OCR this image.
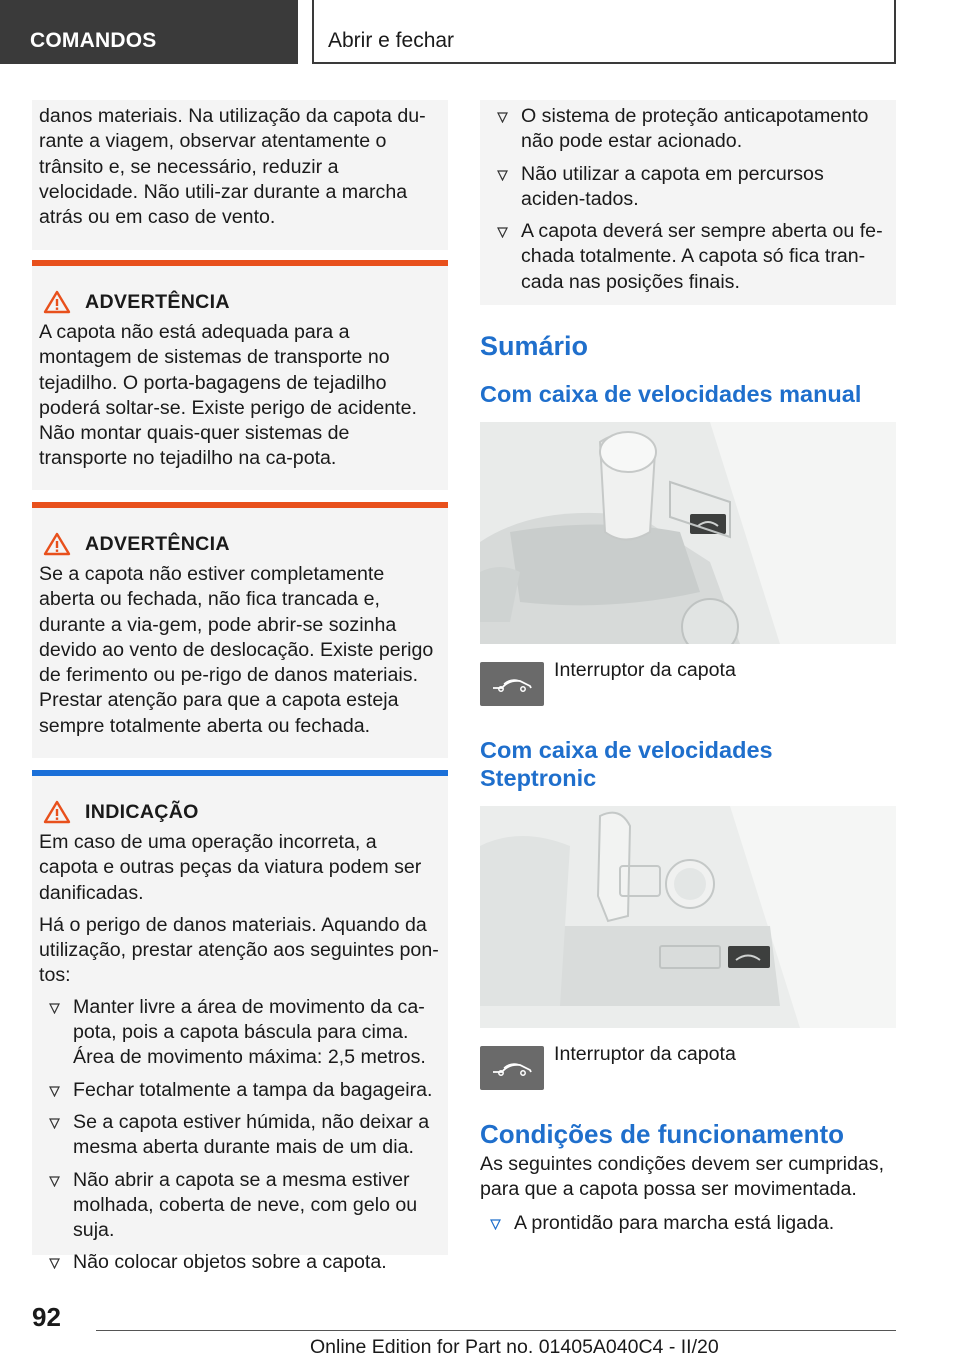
COMANDOS	Abrir e fechar

danos materiais. Na utilização da capota du‐rante a viagem, observar atentamente o trânsito e, se necessário, reduzir a velocidade. Não utili‐zar durante a marcha atrás ou em caso de vento.

ADVERTÊNCIA

A capota não está adequada para a montagem de sistemas de transporte no tejadilho. O porta-bagagens de tejadilho poderá soltar-se. Existe perigo de acidente. Não montar quais‐quer sistemas de transporte no tejadilho na ca‐pota.

ADVERTÊNCIA

Se a capota não estiver completamente aberta ou fechada, não fica trancada e, durante a via‐gem, pode abrir-se sozinha devido ao vento de deslocação. Existe perigo de ferimento ou pe‐rigo de danos materiais. Prestar atenção para que a capota esteja sempre totalmente aberta ou fechada.

INDICAÇÃO

Em caso de uma operação incorreta, a capota e outras peças da viatura podem ser danificadas.

Há o perigo de danos materiais. Aquando da utilização, prestar atenção aos seguintes pon‐tos:

Manter livre a área de movimento da ca‐pota, pois a capota báscula para cima. Área de movimento máxima: 2,5 metros.
Fechar totalmente a tampa da bagageira.
Se a capota estiver húmida, não deixar a mesma aberta durante mais de um dia.
Não abrir a capota se a mesma estiver molhada, coberta de neve, com gelo ou suja.
Não colocar objetos sobre a capota.
O sistema de proteção anticapotamento não pode estar acionado.
Não utilizar a capota em percursos aciden‐tados.
A capota deverá ser sempre aberta ou fe‐chada totalmente. A capota só fica tran‐cada nas posições finais.
Sumário
Com caixa de velocidades manual
Interruptor da capota
Com caixa de velocidades
Steptronic
Interruptor da capota
Condições de funcionamento

As seguintes condições devem ser cumpridas, para que a capota possa ser movimentada.

A prontidão para marcha está ligada.
92
Online Edition for Part no. 01405A040C4 - II/20
